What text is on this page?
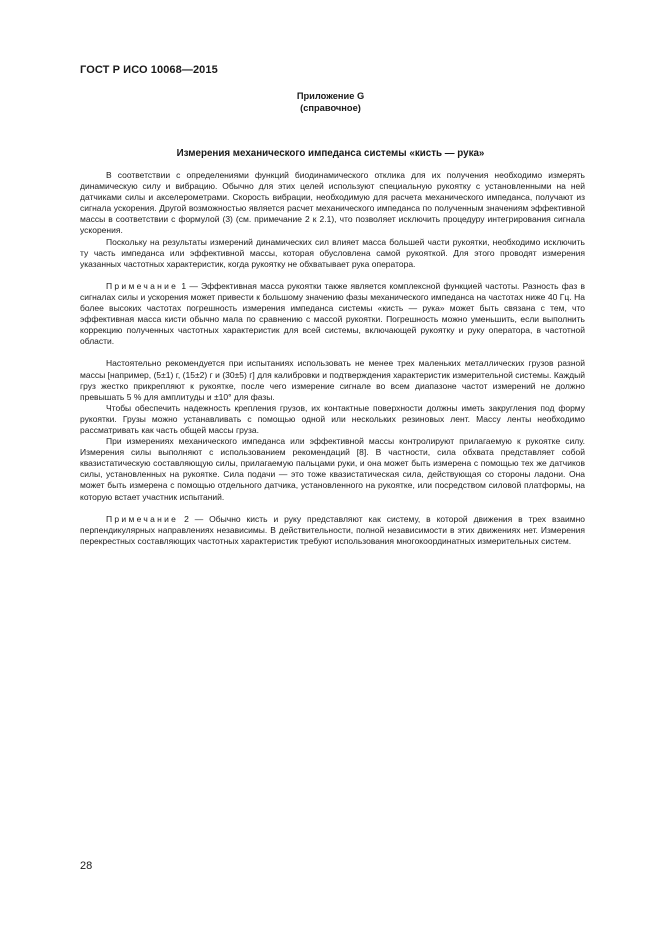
ГОСТ Р ИСО 10068—2015
Приложение G
(справочное)
Измерения механического импеданса системы «кисть — рука»

В соответствии с определениями функций биодинамического отклика для их получения необходимо измерять динамическую силу и вибрацию. Обычно для этих целей используют специальную рукоятку с установленными на ней датчиками силы и акселерометрами. Скорость вибрации, необходимую для расчета механического импеданса, получают из сигнала ускорения. Другой возможностью является расчет механического импеданса по полученным значениям эффективной массы в соответствии с формулой (3) (см. примечание 2 к 2.1), что позволяет исключить процедуру интегрирования сигнала ускорения.

Поскольку на результаты измерений динамических сил влияет масса большей части рукоятки, необходимо исключить ту часть импеданса или эффективной массы, которая обусловлена самой рукояткой. Для этого проводят измерения указанных частотных характеристик, когда рукоятку не обхватывает рука оператора.

Примечание 1 — Эффективная масса рукоятки также является комплексной функцией частоты. Разность фаз в сигналах силы и ускорения может привести к большому значению фазы механического импеданса на частотах ниже 40 Гц. На более высоких частотах погрешность измерения импеданса системы «кисть — рука» может быть связана с тем, что эффективная масса кисти обычно мала по сравнению с массой рукоятки. Погрешность можно уменьшить, если выполнить коррекцию полученных частотных характеристик для всей системы, включающей рукоятку и руку оператора, в частотной области.

Настоятельно рекомендуется при испытаниях использовать не менее трех маленьких металлических грузов разной массы [например, (5±1) г, (15±2) г и (30±5) г] для калибровки и подтверждения характеристик измерительной системы. Каждый груз жестко прикрепляют к рукоятке, после чего измерение сигнале во всем диапазоне частот измерений не должно превышать 5 % для амплитуды и ±10° для фазы.

Чтобы обеспечить надежность крепления грузов, их контактные поверхности должны иметь закругления под форму рукоятки. Грузы можно устанавливать с помощью одной или нескольких резиновых лент. Массу ленты необходимо рассматривать как часть общей массы груза.

При измерениях механического импеданса или эффективной массы контролируют прилагаемую к рукоятке силу. Измерения силы выполняют с использованием рекомендаций [8]. В частности, сила обхвата представляет собой квазистатическую составляющую силы, прилагаемую пальцами руки, и она может быть измерена с помощью тех же датчиков силы, установленных на рукоятке. Сила подачи — это тоже квазистатическая сила, действующая со стороны ладони. Она может быть измерена с помощью отдельного датчика, установленного на рукоятке, или посредством силовой платформы, на которую встает участник испытаний.

Примечание 2 — Обычно кисть и руку представляют как систему, в которой движения в трех взаимно перпендикулярных направлениях независимы. В действительности, полной независимости в этих движениях нет. Измерения перекрестных составляющих частотных характеристик требуют использования многокоординатных измерительных систем.

28
